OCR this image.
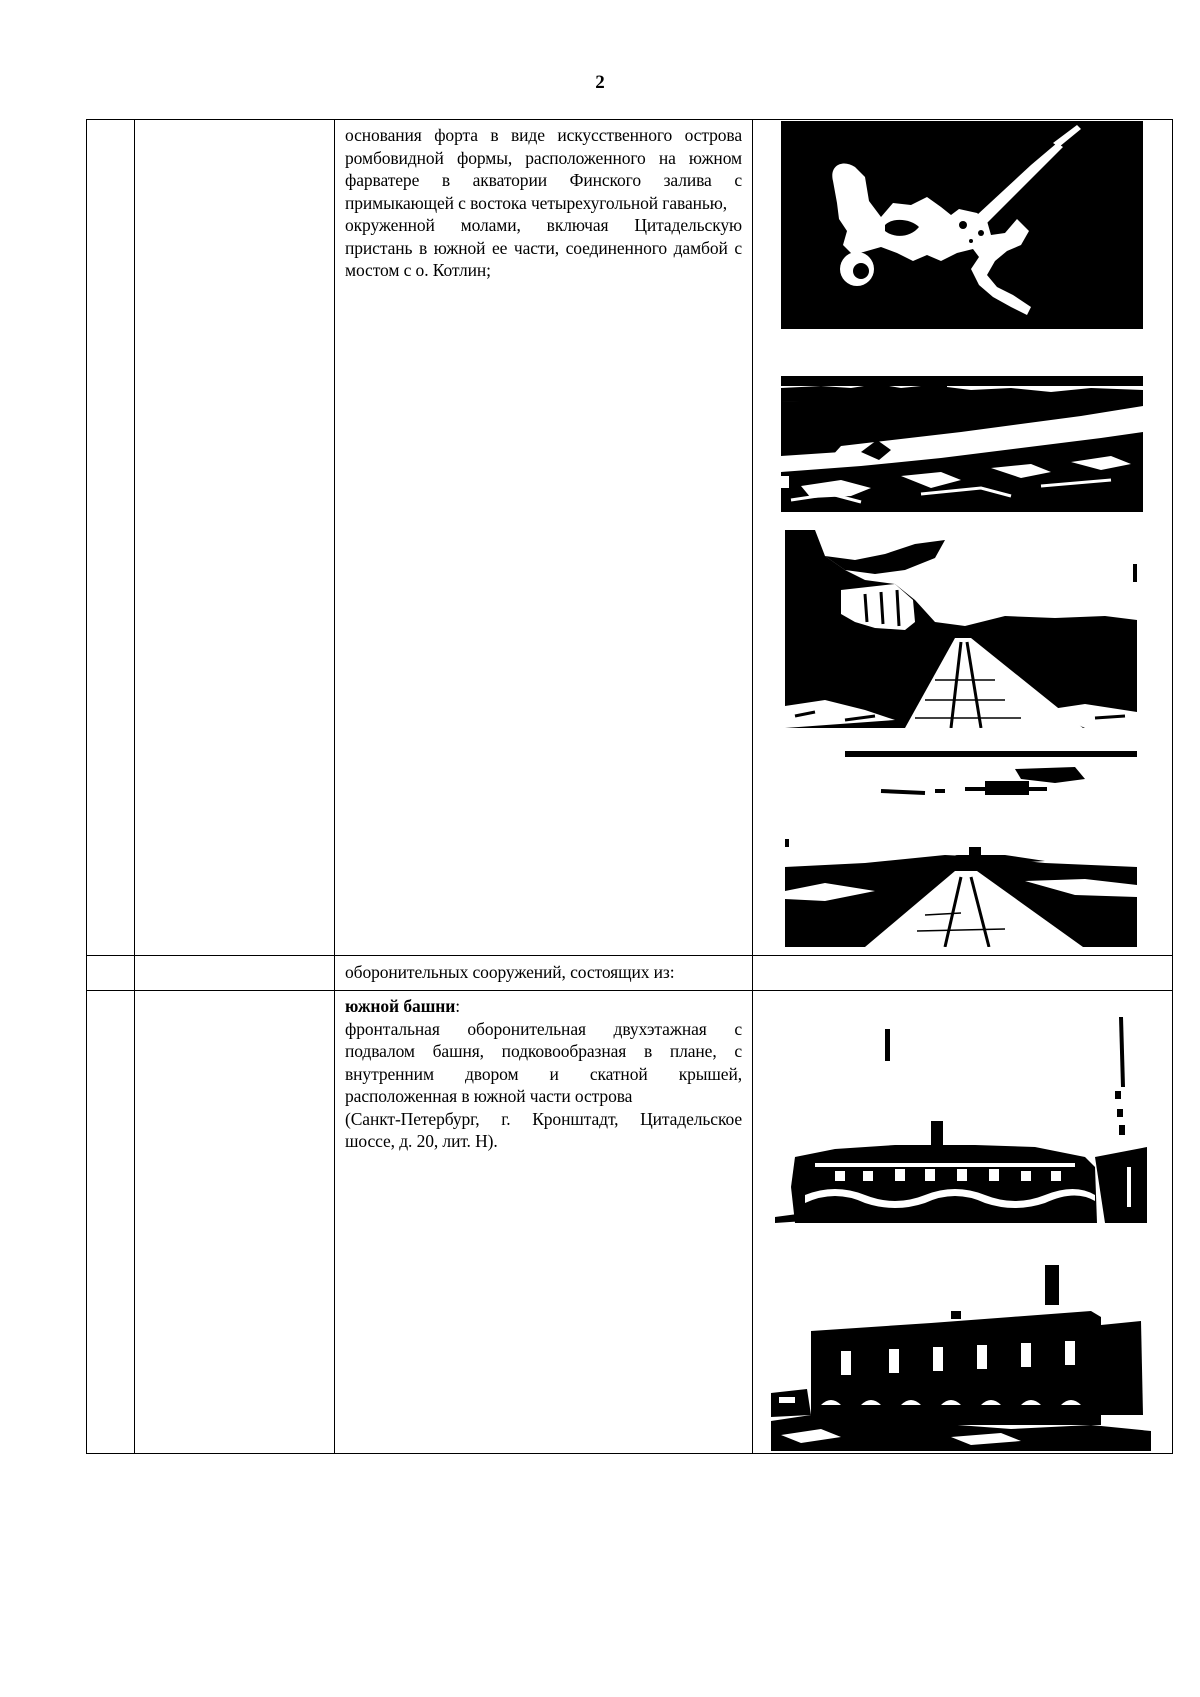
2

		основания форта в виде искусственного острова ромбовидной формы, расположенного на южном фарватере в акватории Финского залива с примыкающей с востока четырехугольной гаванью,

окруженной молами, включая Цитадельскую пристань в южной ее части, соединенного дамбой с мостом с о. Котлин;

		оборонительных сооружений, состоящих из:	

		южной башни:

фронтальная оборонительная двухэтажная с подвалом башня, подковообразная в плане, с внутренним двором и скатной крышей, расположенная в южной части острова

(Санкт-Петербург, г. Кронштадт, Цитадельское шоссе, д. 20, лит. Н).
